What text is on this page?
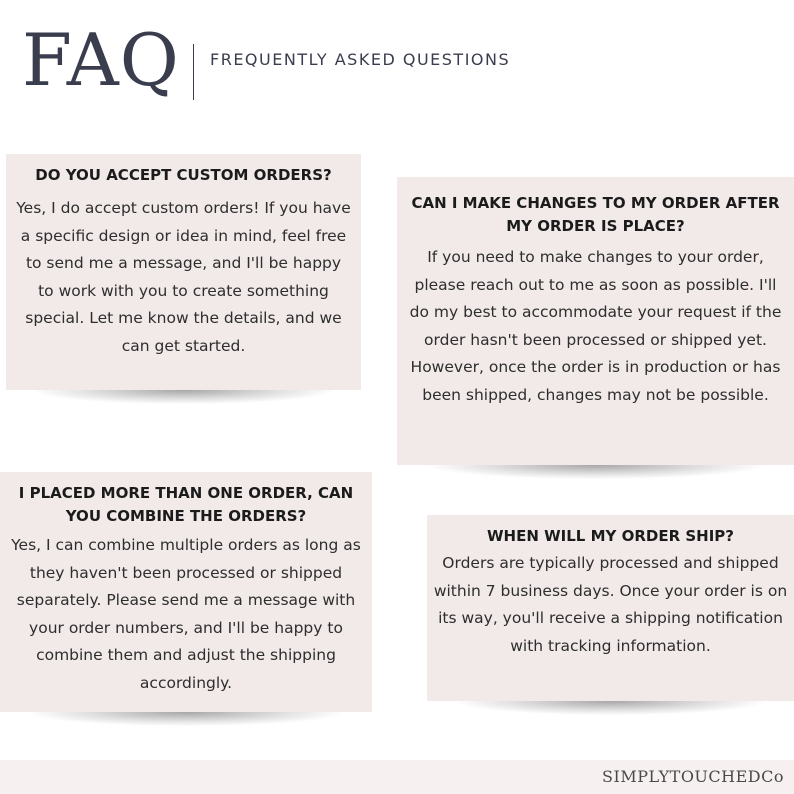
FAQ FREQUENTLY ASKED QUESTIONS

DO YOU ACCEPT CUSTOM ORDERS?

Yes, I do accept custom orders! If you have a specific design or idea in mind, feel free to send me a message, and I'll be happy to work with you to create something special. Let me know the details, and we can get started.

CAN I MAKE CHANGES TO MY ORDER AFTER MY ORDER IS PLACE?

If you need to make changes to your order, please reach out to me as soon as possible. I'll do my best to accommodate your request if the order hasn't been processed or shipped yet. However, once the order is in production or has been shipped, changes may not be possible.

I PLACED MORE THAN ONE ORDER, CAN YOU COMBINE THE ORDERS?

Yes, I can combine multiple orders as long as they haven't been processed or shipped separately. Please send me a message with your order numbers, and I'll be happy to combine them and adjust the shipping accordingly.

WHEN WILL MY ORDER SHIP?

Orders are typically processed and shipped within 7 business days. Once your order is on its way, you'll receive a shipping notification with tracking information.

SIMPLYTOUCHEDCo
